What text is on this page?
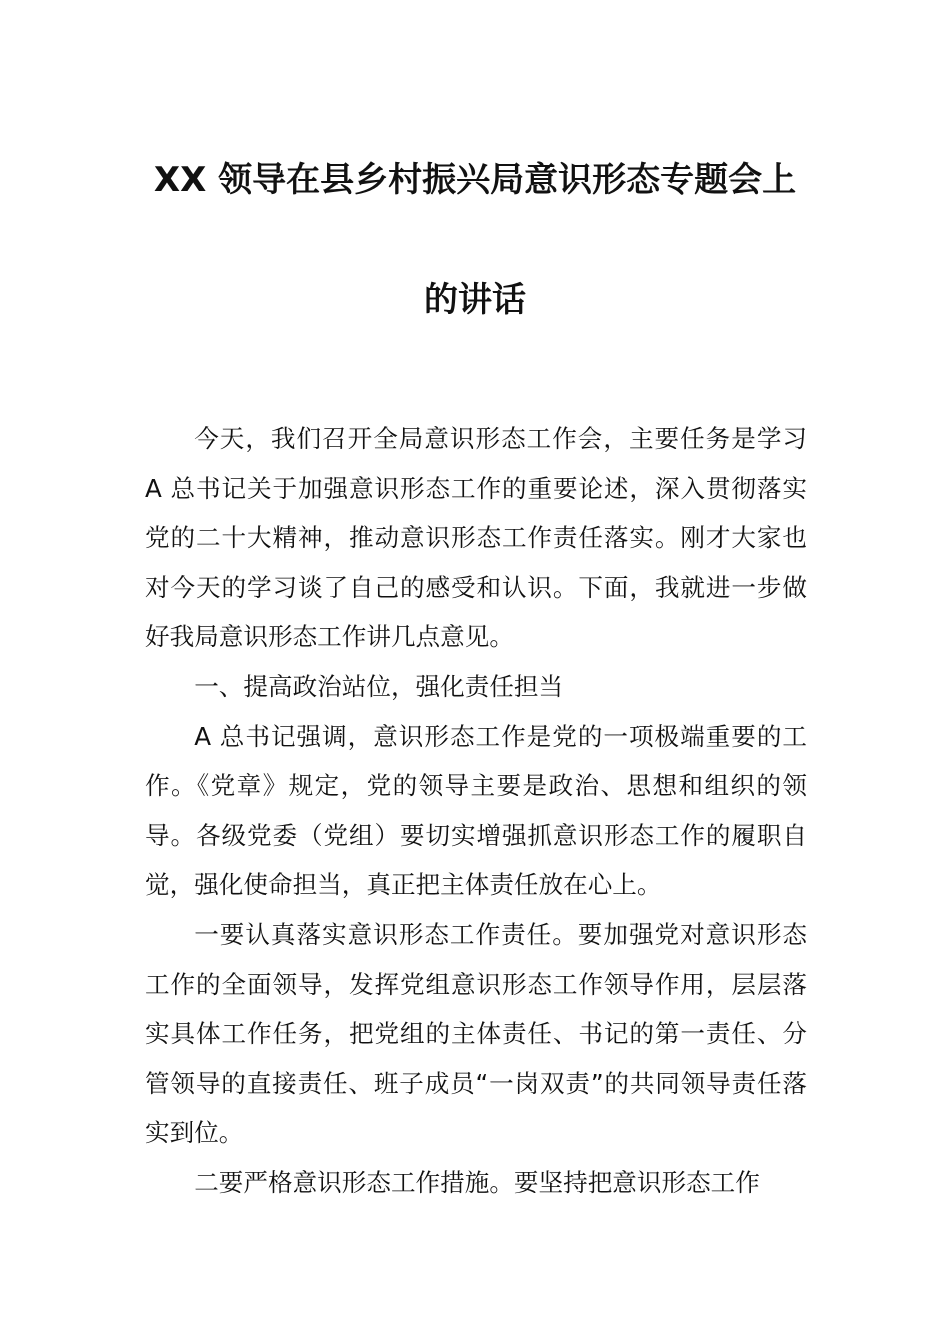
XX 领导在县乡村振兴局意识形态专题会上
的讲话

今天，我们召开全局意识形态工作会，主要任务是学习 A 总书记关于加强意识形态工作的重要论述，深入贯彻落实党的二十大精神，推动意识形态工作责任落实。刚才大家也对今天的学习谈了自己的感受和认识。下面，我就进一步做好我局意识形态工作讲几点意见。

一、提高政治站位，强化责任担当

A 总书记强调，意识形态工作是党的一项极端重要的工作。《党章》规定，党的领导主要是政治、思想和组织的领导。各级党委（党组）要切实增强抓意识形态工作的履职自觉，强化使命担当，真正把主体责任放在心上。

一要认真落实意识形态工作责任。要加强党对意识形态工作的全面领导，发挥党组意识形态工作领导作用，层层落实具体工作任务，把党组的主体责任、书记的第一责任、分管领导的直接责任、班子成员“一岗双责”的共同领导责任落实到位。

二要严格意识形态工作措施。要坚持把意识形态工作
